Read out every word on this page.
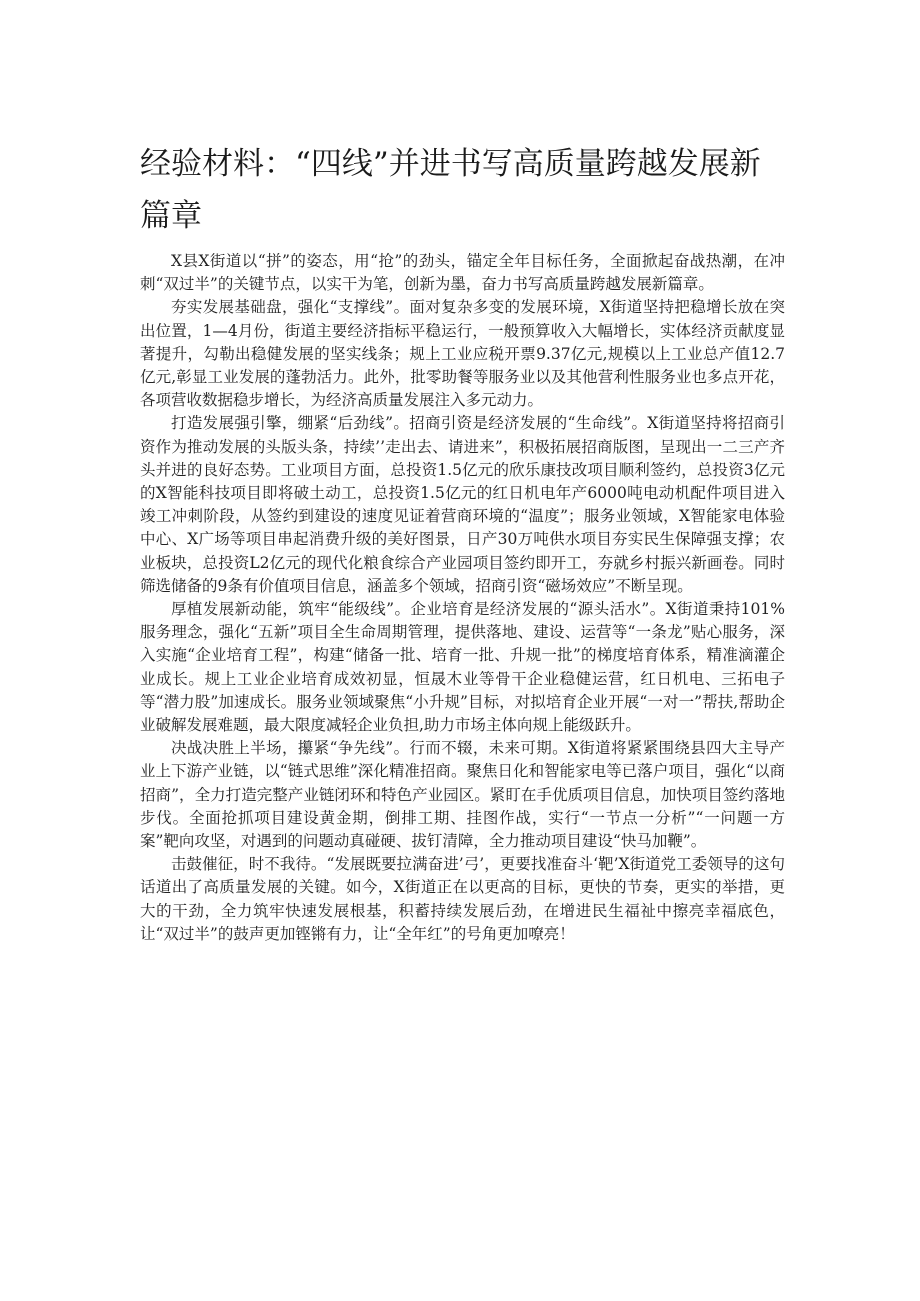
经验材料：“四线”并进书写高质量跨越发展新篇章

X县X街道以“拼”的姿态，用“抢”的劲头，锚定全年目标任务，全面掀起奋战热潮，在冲刺“双过半”的关键节点，以实干为笔，创新为墨，奋力书写高质量跨越发展新篇章。

夯实发展基础盘，强化“支撑线”。面对复杂多变的发展环境，X街道坚持把稳增长放在突出位置，1—4月份，街道主要经济指标平稳运行，一般预算收入大幅增长，实体经济贡献度显著提升，勾勒出稳健发展的坚实线条；规上工业应税开票9.37亿元,规模以上工业总产值12.7亿元,彰显工业发展的蓬勃活力。此外，批零助餐等服务业以及其他营利性服务业也多点开花，各项营收数据稳步增长，为经济高质量发展注入多元动力。

打造发展强引擎，绷紧“后劲线”。招商引资是经济发展的“生命线”。X街道坚持将招商引资作为推动发展的头版头条，持续’’走出去、请进来”，积极拓展招商版图，呈现出一二三产齐头并进的良好态势。工业项目方面，总投资1.5亿元的欣乐康技改项目顺利签约，总投资3亿元的X智能科技项目即将破土动工，总投资1.5亿元的红日机电年产6000吨电动机配件项目进入竣工冲刺阶段，从签约到建设的速度见证着营商环境的“温度”；服务业领域，X智能家电体验中心、X广场等项目串起消费升级的美好图景，日产30万吨供水项目夯实民生保障强支撑；农业板块，总投资L2亿元的现代化粮食综合产业园项目签约即开工，夯就乡村振兴新画卷。同时筛选储备的9条有价值项目信息，涵盖多个领域，招商引资“磁场效应”不断呈现。

厚植发展新动能，筑牢“能级线”。企业培育是经济发展的“源头活水”。X街道秉持101%服务理念，强化“五新”项目全生命周期管理，提供落地、建设、运营等“一条龙”贴心服务，深入实施“企业培育工程”，构建“储备一批、培育一批、升规一批”的梯度培育体系，精准滴灌企业成长。规上工业企业培育成效初显，恒晟木业等骨干企业稳健运营，红日机电、三拓电子等“潜力股”加速成长。服务业领域聚焦“小升规”目标，对拟培育企业开展“一对一”帮扶,帮助企业破解发展难题，最大限度减轻企业负担,助力市场主体向规上能级跃升。

决战决胜上半场，攥紧“争先线”。行而不辍，未来可期。X街道将紧紧围绕县四大主导产业上下游产业链，以“链式思维”深化精准招商。聚焦日化和智能家电等已落户项目，强化“以商招商”，全力打造完整产业链闭环和特色产业园区。紧盯在手优质项目信息，加快项目签约落地步伐。全面抢抓项目建设黄金期，倒排工期、挂图作战，实行“一节点一分析”“一问题一方案”靶向攻坚，对遇到的问题动真碰硬、拔钉清障，全力推动项目建设“快马加鞭”。

击鼓催征，时不我待。“发展既要拉满奋进’弓’，更要找准奋斗‘靶’X街道党工委领导的这句话道出了高质量发展的关键。如今，X街道正在以更高的目标，更快的节奏，更实的举措，更大的干劲，全力筑牢快速发展根基，积蓄持续发展后劲，在增进民生福祉中擦亮幸福底色，让“双过半”的鼓声更加铿锵有力，让“全年红”的号角更加嘹亮！
